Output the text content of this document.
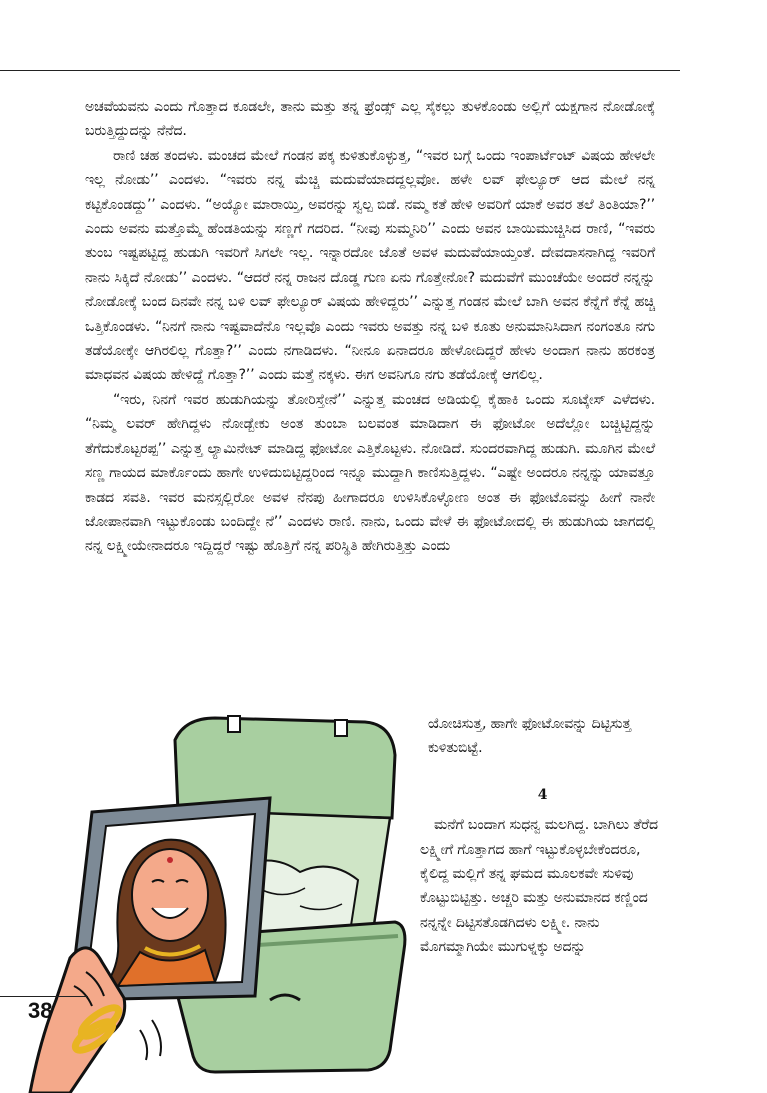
ಅಚವೆಯವನು ಎಂದು ಗೊತ್ತಾದ ಕೂಡಲೇ, ತಾನು ಮತ್ತು ತನ್ನ ಫ್ರೆಂಡ್ಸ್ ಎಲ್ಲ ಸೈಕಲ್ಲು ತುಳಕೊಂಡು ಅಲ್ಲಿಗೆ ಯಕ್ಷಗಾನ ನೋಡೋಕ್ಕೆ ಬರುತ್ತಿದ್ದುದನ್ನು ನೆನೆದ.

ರಾಣಿ ಚಹ ತಂದಳು. ಮಂಚದ ಮೇಲೆ ಗಂಡನ ಪಕ್ಕ ಕುಳಿತುಕೊಳ್ಳುತ್ತ, “ಇವರ ಬಗ್ಗೆ ಒಂದು ಇಂಪಾರ್ಟೆಂಟ್ ವಿಷಯ ಹೇಳಲೇ ಇಲ್ಲ ನೋಡು’’ ಎಂದಳು. “ಇವರು ನನ್ನ ಮೆಚ್ಚಿ ಮದುವೆಯಾದದ್ದಲ್ಲವೋ. ಹಳೇ ಲವ್ ಫೇಲ್ಯೂರ್ ಆದ ಮೇಲೆ ನನ್ನ ಕಟ್ಟಿಕೊಂಡದ್ದು’’ ಎಂದಳು. “ಅಯ್ಯೋ ಮಾರಾಯ್ತಿ, ಅವರನ್ನು ಸ್ವಲ್ಪ ಬಿಡೆ. ನಮ್ಮ ಕತೆ ಹೇಳಿ ಅವರಿಗೆ ಯಾಕೆ ಅವರ ತಲೆ ತಿಂತಿಯಾ?’’ ಎಂದು ಅವನು ಮತ್ತೊಮ್ಮೆ ಹೆಂಡತಿಯನ್ನು ಸಣ್ಣಗೆ ಗದರಿದ. “ನೀವು ಸುಮ್ಮನಿರಿ’’ ಎಂದು ಅವನ ಬಾಯಿಮುಚ್ಚಿಸಿದ ರಾಣಿ, “ಇವರು ತುಂಬ ಇಷ್ಟಪಟ್ಟಿದ್ದ ಹುಡುಗಿ ಇವರಿಗೆ ಸಿಗಲೇ ಇಲ್ಲ. ಇನ್ನಾರದೋ ಜೊತೆ ಅವಳ ಮದುವೆಯಾಯ್ತಂತೆ. ದೇವದಾಸನಾಗಿದ್ದ ಇವರಿಗೆ ನಾನು ಸಿಕ್ಕಿದೆ ನೋಡು’’ ಎಂದಳು. “ಆದರೆ ನನ್ನ ರಾಜನ ದೊಡ್ಡ ಗುಣ ಏನು ಗೊತ್ತೇನೋ? ಮದುವೆಗೆ ಮುಂಚೆಯೇ ಅಂದರೆ ನನ್ನನ್ನು ನೋಡೋಕ್ಕೆ ಬಂದ ದಿನವೇ ನನ್ನ ಬಳಿ ಲವ್ ಫೇಲ್ಯೂರ್ ವಿಷಯ ಹೇಳಿದ್ದರು’’ ಎನ್ನುತ್ತ ಗಂಡನ ಮೇಲೆ ಬಾಗಿ ಅವನ ಕೆನ್ನೆಗೆ ಕೆನ್ನೆ ಹಚ್ಚಿ ಒತ್ತಿಕೊಂಡಳು. “ನಿನಗೆ ನಾನು ಇಷ್ಟವಾದೆನೊ ಇಲ್ಲವೊ ಎಂದು ಇವರು ಅವತ್ತು ನನ್ನ ಬಳಿ ಕೂತು ಅನುಮಾನಿಸಿದಾಗ ನಂಗಂತೂ ನಗು ತಡೆಯೋಕ್ಕೇ ಆಗಿರಲಿಲ್ಲ ಗೊತ್ತಾ?’’ ಎಂದು ನಗಾಡಿದಳು. “ನೀನೂ ಏನಾದರೂ ಹೇಳೋದಿದ್ದರೆ ಹೇಳು ಅಂದಾಗ ನಾನು ಹರಕಂತ್ರ ಮಾಧವನ ವಿಷಯ ಹೇಳಿದ್ದೆ ಗೊತ್ತಾ?’’ ಎಂದು ಮತ್ತೆ ನಕ್ಕಳು. ಈಗ ಅವನಿಗೂ ನಗು ತಡೆಯೋಕ್ಕೆ ಆಗಲಿಲ್ಲ.

“ಇರು, ನಿನಗೆ ಇವರ ಹುಡುಗಿಯನ್ನು ತೋರಿಸ್ತೇನೆ’’ ಎನ್ನುತ್ತ ಮಂಚದ ಅಡಿಯಲ್ಲಿ ಕೈಹಾಕಿ ಒಂದು ಸೂಟ್ಕೇಸ್ ಎಳೆದಳು. “ನಿಮ್ಮ ಲವರ್ ಹೇಗಿದ್ದಳು ನೋಡ್ಬೇಕು ಅಂತ ತುಂಬಾ ಬಲವಂತ ಮಾಡಿದಾಗ ಈ ಫೋಟೋ ಅದೆಲ್ಲೋ ಬಚ್ಚಿಟ್ಟಿದ್ದನ್ನು ತೆಗೆದುಕೊಟ್ಟರಪ್ಪ’’ ಎನ್ನುತ್ತ ಲ್ಯಾಮಿನೇಟ್ ಮಾಡಿದ್ದ ಫೋಟೋ ಎತ್ತಿಕೊಟ್ಟಳು. ನೋಡಿದೆ. ಸುಂದರವಾಗಿದ್ದ ಹುಡುಗಿ. ಮೂಗಿನ ಮೇಲೆ ಸಣ್ಣ ಗಾಯದ ಮಾರ್ಕೊಂದು ಹಾಗೇ ಉಳಿದುಬಿಟ್ಟಿದ್ದರಿಂದ ಇನ್ನೂ ಮುದ್ದಾಗಿ ಕಾಣಿಸುತ್ತಿದ್ದಳು. “ಎಷ್ಟೇ ಅಂದರೂ ನನ್ನನ್ನು ಯಾವತ್ತೂ ಕಾಡದ ಸವತಿ. ಇವರ ಮನಸ್ಸಲ್ಲಿರೋ ಅವಳ ನೆನಪು ಹೀಗಾದರೂ ಉಳಿಸಿಕೊಳ್ಳೋಣ ಅಂತ ಈ ಫೋಟೊವನ್ನು ಹೀಗೆ ನಾನೇ ಜೋಪಾನವಾಗಿ ಇಟ್ಟುಕೊಂಡು ಬಂದಿದ್ದೇ ನೆ’’ ಎಂದಳು ರಾಣಿ. ನಾನು, ಒಂದು ವೇಳೆ ಈ ಫೋಟೋದಲ್ಲಿ ಈ ಹುಡುಗಿಯ ಜಾಗದಲ್ಲಿ ನನ್ನ ಲಕ್ಷ್ಮೀಯೇನಾದರೂ ಇದ್ದಿದ್ದರೆ ಇಷ್ಟು ಹೊತ್ತಿಗೆ ನನ್ನ ಪರಿಸ್ಥಿತಿ ಹೇಗಿರುತ್ತಿತ್ತು ಎಂದು

ಯೋಚಿಸುತ್ತ, ಹಾಗೇ ಫೋಟೋವನ್ನು ದಿಟ್ಟಿಸುತ್ತ ಕುಳಿತುಬಿಟ್ಟೆ.

4

ಮನೆಗೆ ಬಂದಾಗ ಸುಧನ್ವ ಮಲಗಿದ್ದ. ಬಾಗಿಲು ತೆರೆದ ಲಕ್ಷ್ಮೀಗೆ ಗೊತ್ತಾಗದ ಹಾಗೆ ಇಟ್ಟುಕೊಳ್ಳಬೇಕೆಂದರೂ, ಕೈಲಿದ್ದ ಮಲ್ಲಿಗೆ ತನ್ನ ಘಮದ ಮೂಲಕವೇ ಸುಳಿವು ಕೊಟ್ಟುಬಿಟ್ಟಿತ್ತು. ಅಚ್ಚರಿ ಮತ್ತು ಅನುಮಾನದ ಕಣ್ಣಿಂದ ನನ್ನನ್ನೇ ದಿಟ್ಟಿಸತೊಡಗಿದಳು ಲಕ್ಷ್ಮೀ. ನಾನು ಮೊಗಮ್ಮಾಗಿಯೇ ಮುಗುಳ್ನಕ್ಕು ಅದನ್ನು

38
